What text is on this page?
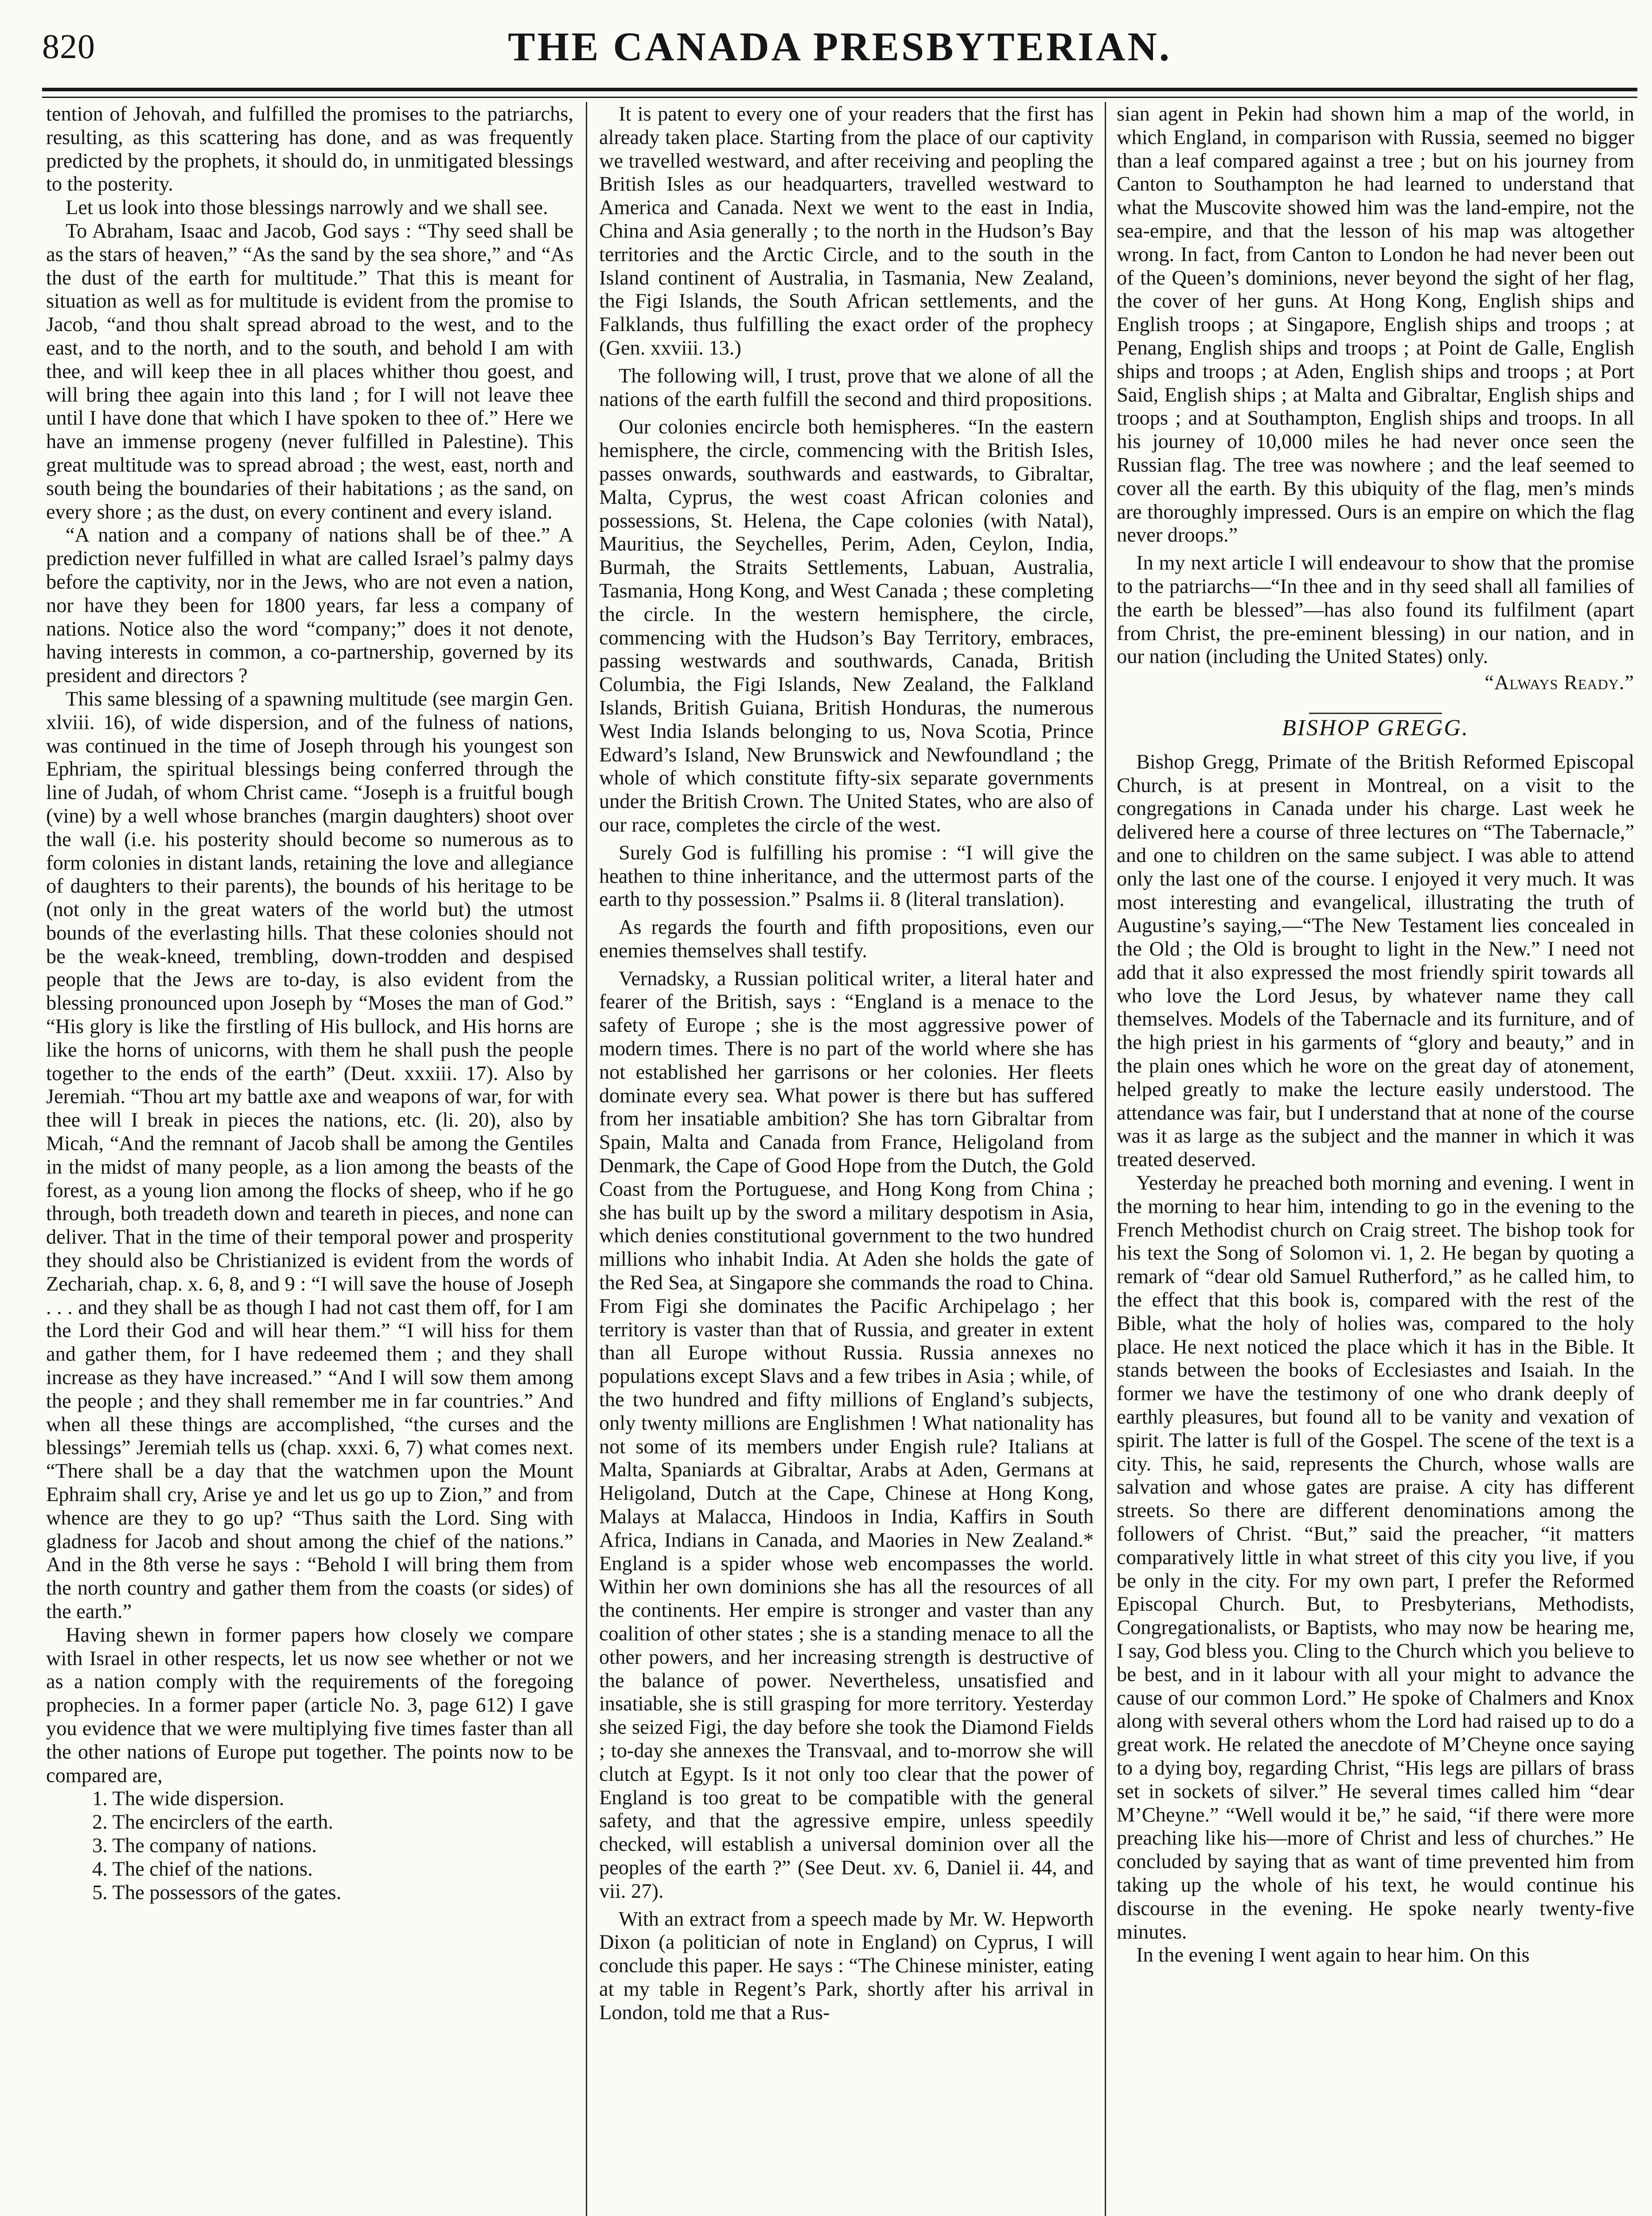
820	THE CANADA PRESBYTERIAN.

tention of Jehovah, and fulfilled the promises to the patriarchs, resulting, as this scattering has done, and as was frequently predicted by the prophets, it should do, in unmitigated blessings to the posterity.

Let us look into those blessings narrowly and we shall see.

To Abraham, Isaac and Jacob, God says : “Thy seed shall be as the stars of heaven,” “As the sand by the sea shore,” and “As the dust of the earth for multitude.” That this is meant for situation as well as for multitude is evident from the promise to Jacob, “and thou shalt spread abroad to the west, and to the east, and to the north, and to the south, and behold I am with thee, and will keep thee in all places whither thou goest, and will bring thee again into this land ; for I will not leave thee until I have done that which I have spoken to thee of.” Here we have an immense progeny (never fulfilled in Palestine). This great multitude was to spread abroad ; the west, east, north and south being the boundaries of their habitations ; as the sand, on every shore ; as the dust, on every continent and every island.

“A nation and a company of nations shall be of thee.” A prediction never fulfilled in what are called Israel’s palmy days before the captivity, nor in the Jews, who are not even a nation, nor have they been for 1800 years, far less a company of nations. Notice also the word “company;” does it not denote, having interests in common, a co-partnership, governed by its president and directors ?

This same blessing of a spawning multitude (see margin Gen. xlviii. 16), of wide dispersion, and of the fulness of nations, was continued in the time of Joseph through his youngest son Ephriam, the spiritual blessings being conferred through the line of Judah, of whom Christ came. “Joseph is a fruitful bough (vine) by a well whose branches (margin daughters) shoot over the wall (i.e. his posterity should become so numerous as to form colonies in distant lands, retaining the love and allegiance of daughters to their parents), the bounds of his heritage to be (not only in the great waters of the world but) the utmost bounds of the everlasting hills. That these colonies should not be the weak-kneed, trembling, down-trodden and despised people that the Jews are to-day, is also evident from the blessing pronounced upon Joseph by “Moses the man of God.” “His glory is like the firstling of His bullock, and His horns are like the horns of unicorns, with them he shall push the people together to the ends of the earth” (Deut. xxxiii. 17). Also by Jeremiah. “Thou art my battle axe and weapons of war, for with thee will I break in pieces the nations, etc. (li. 20), also by Micah, “And the remnant of Jacob shall be among the Gentiles in the midst of many people, as a lion among the beasts of the forest, as a young lion among the flocks of sheep, who if he go through, both treadeth down and teareth in pieces, and none can deliver. That in the time of their temporal power and prosperity they should also be Christianized is evident from the words of Zechariah, chap. x. 6, 8, and 9 : “I will save the house of Joseph . . . and they shall be as though I had not cast them off, for I am the Lord their God and will hear them.” “I will hiss for them and gather them, for I have redeemed them ; and they shall increase as they have increased.” “And I will sow them among the people ; and they shall remember me in far countries.” And when all these things are accomplished, “the curses and the blessings” Jeremiah tells us (chap. xxxi. 6, 7) what comes next. “There shall be a day that the watchmen upon the Mount Ephraim shall cry, Arise ye and let us go up to Zion,” and from whence are they to go up? “Thus saith the Lord. Sing with gladness for Jacob and shout among the chief of the nations.” And in the 8th verse he says : “Behold I will bring them from the north country and gather them from the coasts (or sides) of the earth.”

Having shewn in former papers how closely we compare with Israel in other respects, let us now see whether or not we as a nation comply with the requirements of the foregoing prophecies. In a former paper (article No. 3, page 612) I gave you evidence that we were multiplying five times faster than all the other nations of Europe put together. The points now to be compared are,

1. The wide dispersion.

2. The encirclers of the earth.

3. The company of nations.

4. The chief of the nations.

5. The possessors of the gates.

It is patent to every one of your readers that the first has already taken place. Starting from the place of our captivity we travelled westward, and after receiving and peopling the British Isles as our headquarters, travelled westward to America and Canada. Next we went to the east in India, China and Asia generally ; to the north in the Hudson’s Bay territories and the Arctic Circle, and to the south in the Island continent of Australia, in Tasmania, New Zealand, the Figi Islands, the South African settlements, and the Falklands, thus fulfilling the exact order of the prophecy (Gen. xxviii. 13.)

The following will, I trust, prove that we alone of all the nations of the earth fulfill the second and third propositions.

Our colonies encircle both hemispheres. “In the eastern hemisphere, the circle, commencing with the British Isles, passes onwards, southwards and eastwards, to Gibraltar, Malta, Cyprus, the west coast African colonies and possessions, St. Helena, the Cape colonies (with Natal), Mauritius, the Seychelles, Perim, Aden, Ceylon, India, Burmah, the Straits Settlements, Labuan, Australia, Tasmania, Hong Kong, and West Canada ; these completing the circle. In the western hemisphere, the circle, commencing with the Hudson’s Bay Territory, embraces, passing westwards and southwards, Canada, British Columbia, the Figi Islands, New Zealand, the Falkland Islands, British Guiana, British Honduras, the numerous West India Islands belonging to us, Nova Scotia, Prince Edward’s Island, New Brunswick and Newfoundland ; the whole of which constitute fifty-six separate governments under the British Crown. The United States, who are also of our race, completes the circle of the west.

Surely God is fulfilling his promise : “I will give the heathen to thine inheritance, and the uttermost parts of the earth to thy possession.” Psalms ii. 8 (literal translation).

As regards the fourth and fifth propositions, even our enemies themselves shall testify.

Vernadsky, a Russian political writer, a literal hater and fearer of the British, says : “England is a menace to the safety of Europe ; she is the most aggressive power of modern times. There is no part of the world where she has not established her garrisons or her colonies. Her fleets dominate every sea. What power is there but has suffered from her insatiable ambition? She has torn Gibraltar from Spain, Malta and Canada from France, Heligoland from Denmark, the Cape of Good Hope from the Dutch, the Gold Coast from the Portuguese, and Hong Kong from China ; she has built up by the sword a military despotism in Asia, which denies constitutional government to the two hundred millions who inhabit India. At Aden she holds the gate of the Red Sea, at Singapore she commands the road to China. From Figi she dominates the Pacific Archipelago ; her territory is vaster than that of Russia, and greater in extent than all Europe without Russia. Russia annexes no populations except Slavs and a few tribes in Asia ; while, of the two hundred and fifty millions of England’s subjects, only twenty millions are Englishmen ! What nationality has not some of its members under Engish rule? Italians at Malta, Spaniards at Gibraltar, Arabs at Aden, Germans at Heligoland, Dutch at the Cape, Chinese at Hong Kong, Malays at Malacca, Hindoos in India, Kaffirs in South Africa, Indians in Canada, and Maories in New Zealand.* England is a spider whose web encompasses the world. Within her own dominions she has all the resources of all the continents. Her empire is stronger and vaster than any coalition of other states ; she is a standing menace to all the other powers, and her increasing strength is destructive of the balance of power. Nevertheless, unsatisfied and insatiable, she is still grasping for more territory. Yesterday she seized Figi, the day before she took the Diamond Fields ; to-day she annexes the Transvaal, and to-morrow she will clutch at Egypt. Is it not only too clear that the power of England is too great to be compatible with the general safety, and that the agressive empire, unless speedily checked, will establish a universal dominion over all the peoples of the earth ?” (See Deut. xv. 6, Daniel ii. 44, and vii. 27).

With an extract from a speech made by Mr. W. Hepworth Dixon (a politician of note in England) on Cyprus, I will conclude this paper. He says : “The Chinese minister, eating at my table in Regent’s Park, shortly after his arrival in London, told me that a Rus-

sian agent in Pekin had shown him a map of the world, in which England, in comparison with Russia, seemed no bigger than a leaf compared against a tree ; but on his journey from Canton to Southampton he had learned to understand that what the Muscovite showed him was the land-empire, not the sea-empire, and that the lesson of his map was altogether wrong. In fact, from Canton to London he had never been out of the Queen’s dominions, never beyond the sight of her flag, the cover of her guns. At Hong Kong, English ships and English troops ; at Singapore, English ships and troops ; at Penang, English ships and troops ; at Point de Galle, English ships and troops ; at Aden, English ships and troops ; at Port Said, English ships ; at Malta and Gibraltar, English ships and troops ; and at Southampton, English ships and troops. In all his journey of 10,000 miles he had never once seen the Russian flag. The tree was nowhere ; and the leaf seemed to cover all the earth. By this ubiquity of the flag, men’s minds are thoroughly impressed. Ours is an empire on which the flag never droops.”

In my next article I will endeavour to show that the promise to the patriarchs—“In thee and in thy seed shall all families of the earth be blessed”—has also found its fulfilment (apart from Christ, the pre-eminent blessing) in our nation, and in our nation (including the United States) only.

“Always Ready.”
BISHOP GREGG.

Bishop Gregg, Primate of the British Reformed Episcopal Church, is at present in Montreal, on a visit to the congregations in Canada under his charge. Last week he delivered here a course of three lectures on “The Tabernacle,” and one to children on the same subject. I was able to attend only the last one of the course. I enjoyed it very much. It was most interesting and evangelical, illustrating the truth of Augustine’s saying,—“The New Testament lies concealed in the Old ; the Old is brought to light in the New.” I need not add that it also expressed the most friendly spirit towards all who love the Lord Jesus, by whatever name they call themselves. Models of the Tabernacle and its furniture, and of the high priest in his garments of “glory and beauty,” and in the plain ones which he wore on the great day of atonement, helped greatly to make the lecture easily understood. The attendance was fair, but I understand that at none of the course was it as large as the subject and the manner in which it was treated deserved.

Yesterday he preached both morning and evening. I went in the morning to hear him, intending to go in the evening to the French Methodist church on Craig street. The bishop took for his text the Song of Solomon vi. 1, 2. He began by quoting a remark of “dear old Samuel Rutherford,” as he called him, to the effect that this book is, compared with the rest of the Bible, what the holy of holies was, compared to the holy place. He next noticed the place which it has in the Bible. It stands between the books of Ecclesiastes and Isaiah. In the former we have the testimony of one who drank deeply of earthly pleasures, but found all to be vanity and vexation of spirit. The latter is full of the Gospel. The scene of the text is a city. This, he said, represents the Church, whose walls are salvation and whose gates are praise. A city has different streets. So there are different denominations among the followers of Christ. “But,” said the preacher, “it matters comparatively little in what street of this city you live, if you be only in the city. For my own part, I prefer the Reformed Episcopal Church. But, to Presbyterians, Methodists, Congregationalists, or Baptists, who may now be hearing me, I say, God bless you. Cling to the Church which you believe to be best, and in it labour with all your might to advance the cause of our common Lord.” He spoke of Chalmers and Knox along with several others whom the Lord had raised up to do a great work. He related the anecdote of M’Cheyne once saying to a dying boy, regarding Christ, “His legs are pillars of brass set in sockets of silver.” He several times called him “dear M’Cheyne.” “Well would it be,” he said, “if there were more preaching like his—more of Christ and less of churches.” He concluded by saying that as want of time prevented him from taking up the whole of his text, he would continue his discourse in the evening. He spoke nearly twenty-five minutes.

In the evening I went again to hear him. On this
